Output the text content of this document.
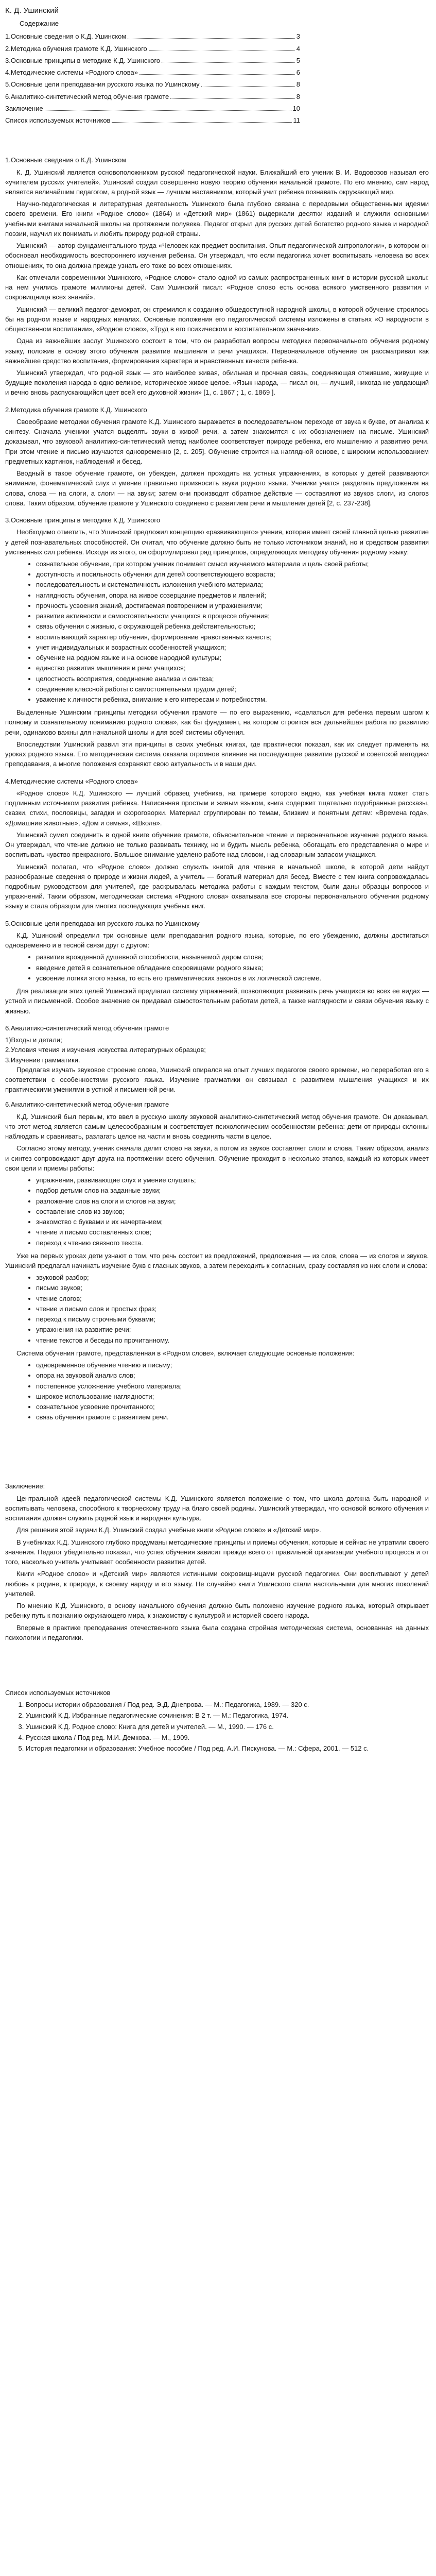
К. Д. Ушинский
Содержание
1.Основные сведения о К.Д. Ушинском	3
2.Методика обучения грамоте К.Д. Ушинского	4
3.Основные принципы в методике К.Д. Ушинского	5
4.Методические системы «Родного слова»	6
5.Основные цели преподавания русского языка по Ушинскому	8
6.Аналитико-синтетический метод обучения грамоте	8
Заключение	10
Список используемых источников	11
1.Основные сведения о К.Д. Ушинском

К. Д. Ушинский является основоположником русской педагогической науки. Ближайший его ученик В. И. Водовозов называл его «учителем русских учителей». Ушинский создал совершенно новую теорию обучения начальной грамоте. По его мнению, сам народ является величайшим педагогом, а родной язык — лучшим наставником, который учит ребенка познавать окружающий мир.

Научно-педагогическая и литературная деятельность Ушинского была глубоко связана с передовыми общественными идеями своего времени. Его книги «Родное слово» (1864) и «Детский мир» (1861) выдержали десятки изданий и служили основными учебными книгами начальной школы на протяжении полувека. Педагог открыл для русских детей богатство родного языка и народной поэзии, научил их понимать и любить природу родной страны.

Ушинский — автор фундаментального труда «Человек как предмет воспитания. Опыт педагогической антропологии», в котором он обосновал необходимость всестороннего изучения ребенка. Он утверждал, что если педагогика хочет воспитывать человека во всех отношениях, то она должна прежде узнать его тоже во всех отношениях.

Как отмечали современники Ушинского, «Родное слово» стало одной из самых распространенных книг в истории русской школы: на нем учились грамоте миллионы детей. Сам Ушинский писал: «Родное слово есть основа всякого умственного развития и сокровищница всех знаний».

Ушинский — великий педагог-демократ, он стремился к созданию общедоступной народной школы, в которой обучение строилось бы на родном языке и народных началах. Основные положения его педагогической системы изложены в статьях «О народности в общественном воспитании», «Родное слово», «Труд в его психическом и воспитательном значении».

Одна из важнейших заслуг Ушинского состоит в том, что он разработал вопросы методики первоначального обучения родному языку, положив в основу этого обучения развитие мышления и речи учащихся. Первоначальное обучение он рассматривал как важнейшее средство воспитания, формирования характера и нравственных качеств ребенка.

Ушинский утверждал, что родной язык — это наиболее живая, обильная и прочная связь, соединяющая отжившие, живущие и будущие поколения народа в одно великое, историческое живое целое. «Язык народа, — писал он, — лучший, никогда не увядающий и вечно вновь распускающийся цвет всей его духовной жизни» [1, с. 1867 ; 1, с. 1869 ].

2.Методика обучения грамоте К.Д. Ушинского

Своеобразие методики обучения грамоте К.Д. Ушинского выражается в последовательном переходе от звука к букве, от анализа к синтезу. Сначала ученики учатся выделять звуки в живой речи, а затем знакомятся с их обозначением на письме. Ушинский доказывал, что звуковой аналитико-синтетический метод наиболее соответствует природе ребенка, его мышлению и развитию речи. При этом чтение и письмо изучаются одновременно [2, с. 205]. Обучение строится на наглядной основе, с широким использованием предметных картинок, наблюдений и бесед.

Вводный в такое обучение грамоте, он убежден, должен проходить на устных упражнениях, в которых у детей развиваются внимание, фонематический слух и умение правильно произносить звуки родного языка. Ученики учатся разделять предложения на слова, слова — на слоги, а слоги — на звуки; затем они производят обратное действие — составляют из звуков слоги, из слогов слова. Таким образом, обучение грамоте у Ушинского соединено с развитием речи и мышления детей [2, с. 237-238].

3.Основные принципы в методике К.Д. Ушинского

Необходимо отметить, что Ушинский предложил концепцию «развивающего» учения, которая имеет своей главной целью развитие у детей познавательных способностей. Он считал, что обучение должно быть не только источником знаний, но и средством развития умственных сил ребенка. Исходя из этого, он сформулировал ряд принципов, определяющих методику обучения родному языку:

• сознательное обучение, при котором ученик понимает смысл изучаемого материала и цель своей работы;
• доступность и посильность обучения для детей соответствующего возраста;
• последовательность и систематичность изложения учебного материала;
• наглядность обучения, опора на живое созерцание предметов и явлений;
• прочность усвоения знаний, достигаемая повторением и упражнениями;
• развитие активности и самостоятельности учащихся в процессе обучения;
• связь обучения с жизнью, с окружающей ребенка действительностью;
• воспитывающий характер обучения, формирование нравственных качеств;
• учет индивидуальных и возрастных особенностей учащихся;
• обучение на родном языке и на основе народной культуры;
• единство развития мышления и речи учащихся;
• целостность восприятия, соединение анализа и синтеза;
• соединение классной работы с самостоятельным трудом детей;
• уважение к личности ребенка, внимание к его интересам и потребностям.

Выделенные Ушинским принципы методики обучения грамоте — по его выражению, «сделаться для ребенка первым шагом к полному и сознательному пониманию родного слова», как бы фундамент, на котором строится вся дальнейшая работа по развитию речи, одинаково важны для начальной школы и для всей системы обучения.

Впоследствии Ушинский развил эти принципы в своих учебных книгах, где практически показал, как их следует применять на уроках родного языка. Его методическая система оказала огромное влияние на последующее развитие русской и советской методики преподавания, а многие положения сохраняют свою актуальность и в наши дни.

4.Методические системы «Родного слова»

«Родное слово» К.Д. Ушинского — лучший образец учебника, на примере которого видно, как учебная книга может стать подлинным источником развития ребенка. Написанная простым и живым языком, книга содержит тщательно подобранные рассказы, сказки, стихи, пословицы, загадки и скороговорки. Материал сгруппирован по темам, близким и понятным детям: «Времена года», «Домашние животные», «Дом и семья», «Школа».

Ушинский сумел соединить в одной книге обучение грамоте, объяснительное чтение и первоначальное изучение родного языка. Он утверждал, что чтение должно не только развивать технику, но и будить мысль ребенка, обогащать его представления о мире и воспитывать чувство прекрасного. Большое внимание уделено работе над словом, над словарным запасом учащихся.

Ушинский полагал, что «Родное слово» должно служить книгой для чтения в начальной школе, в которой дети найдут разнообразные сведения о природе и жизни людей, а учитель — богатый материал для бесед. Вместе с тем книга сопровождалась подробным руководством для учителей, где раскрывалась методика работы с каждым текстом, были даны образцы вопросов и упражнений. Таким образом, методическая система «Родного слова» охватывала все стороны первоначального обучения родному языку и стала образцом для многих последующих учебных книг.

5.Основные цели преподавания русского языка по Ушинскому

К.Д. Ушинский определил три основные цели преподавания родного языка, которые, по его убеждению, должны достигаться одновременно и в тесной связи друг с другом:

• развитие врожденной душевной способности, называемой даром слова;
• введение детей в сознательное обладание сокровищами родного языка;
• усвоение логики этого языка, то есть его грамматических законов в их логической системе.

Для реализации этих целей Ушинский предлагал систему упражнений, позволяющих развивать речь учащихся во всех ее видах — устной и письменной. Особое значение он придавал самостоятельным работам детей, а также наглядности и связи обучения языку с жизнью.

6.Аналитико-синтетический метод обучения грамоте
1)Входы и детали;
2.Условия чтения и изучения искусства литературных образцов;
3.Изучение грамматики.

Предлагая изучать звуковое строение слова, Ушинский опирался на опыт лучших педагогов своего времени, но переработал его в соответствии с особенностями русского языка. Изучение грамматики он связывал с развитием мышления учащихся и их практическими умениями в устной и письменной речи.

6.Аналитико-синтетический метод обучения грамоте

К.Д. Ушинский был первым, кто ввел в русскую школу звуковой аналитико-синтетический метод обучения грамоте. Он доказывал, что этот метод является самым целесообразным и соответствует психологическим особенностям ребенка: дети от природы склонны наблюдать и сравнивать, разлагать целое на части и вновь соединять части в целое.

Согласно этому методу, ученик сначала делит слово на звуки, а потом из звуков составляет слоги и слова. Таким образом, анализ и синтез сопровождают друг друга на протяжении всего обучения. Обучение проходит в несколько этапов, каждый из которых имеет свои цели и приемы работы:

• упражнения, развивающие слух и умение слушать;
• подбор детьми слов на заданные звуки;
• разложение слов на слоги и слогов на звуки;
• составление слов из звуков;
• знакомство с буквами и их начертанием;
• чтение и письмо составленных слов;
• переход к чтению связного текста.

Уже на первых уроках дети узнают о том, что речь состоит из предложений, предложения — из слов, слова — из слогов и звуков. Ушинский предлагал начинать изучение букв с гласных звуков, а затем переходить к согласным, сразу составляя из них слоги и слова:

• звуковой разбор;
• письмо звуков;
• чтение слогов;
• чтение и письмо слов и простых фраз;
• переход к письму строчными буквами;
• упражнения на развитие речи;
• чтение текстов и беседы по прочитанному.

Система обучения грамоте, представленная в «Родном слове», включает следующие основные положения:

• одновременное обучение чтению и письму;
• опора на звуковой анализ слов;
• постепенное усложнение учебного материала;
• широкое использование наглядности;
• сознательное усвоение прочитанного;
• связь обучения грамоте с развитием речи.
Заключение:

Центральной идеей педагогической системы К.Д. Ушинского является положение о том, что школа должна быть народной и воспитывать человека, способного к творческому труду на благо своей родины. Ушинский утверждал, что основой всякого обучения и воспитания должен служить родной язык и народная культура.

Для решения этой задачи К.Д. Ушинский создал учебные книги «Родное слово» и «Детский мир».

В учебниках К.Д. Ушинского глубоко продуманы методические принципы и приемы обучения, которые и сейчас не утратили своего значения. Педагог убедительно показал, что успех обучения зависит прежде всего от правильной организации учебного процесса и от того, насколько учитель учитывает особенности развития детей.

Книги «Родное слово» и «Детский мир» являются истинными сокровищницами русской педагогики. Они воспитывают у детей любовь к родине, к природе, к своему народу и его языку. Не случайно книги Ушинского стали настольными для многих поколений учителей.

По мнению К.Д. Ушинского, в основу начального обучения должно быть положено изучение родного языка, который открывает ребенку путь к познанию окружающего мира, к знакомству с культурой и историей своего народа.

Впервые в практике преподавания отечественного языка была создана стройная методическая система, основанная на данных психологии и педагогики.

Список используемых источников
1. Вопросы истории образования / Под ред. Э.Д. Днепрова. — М.: Педагогика, 1989. — 320 с.
2. Ушинский К.Д. Избранные педагогические сочинения: В 2 т. — М.: Педагогика, 1974.
3. Ушинский К.Д. Родное слово: Книга для детей и учителей. — М., 1990. — 176 с.
4. Русская школа / Под ред. М.И. Демкова. — М., 1909.
5. История педагогики и образования: Учебное пособие / Под ред. А.И. Пискунова. — М.: Сфера, 2001. — 512 с.
